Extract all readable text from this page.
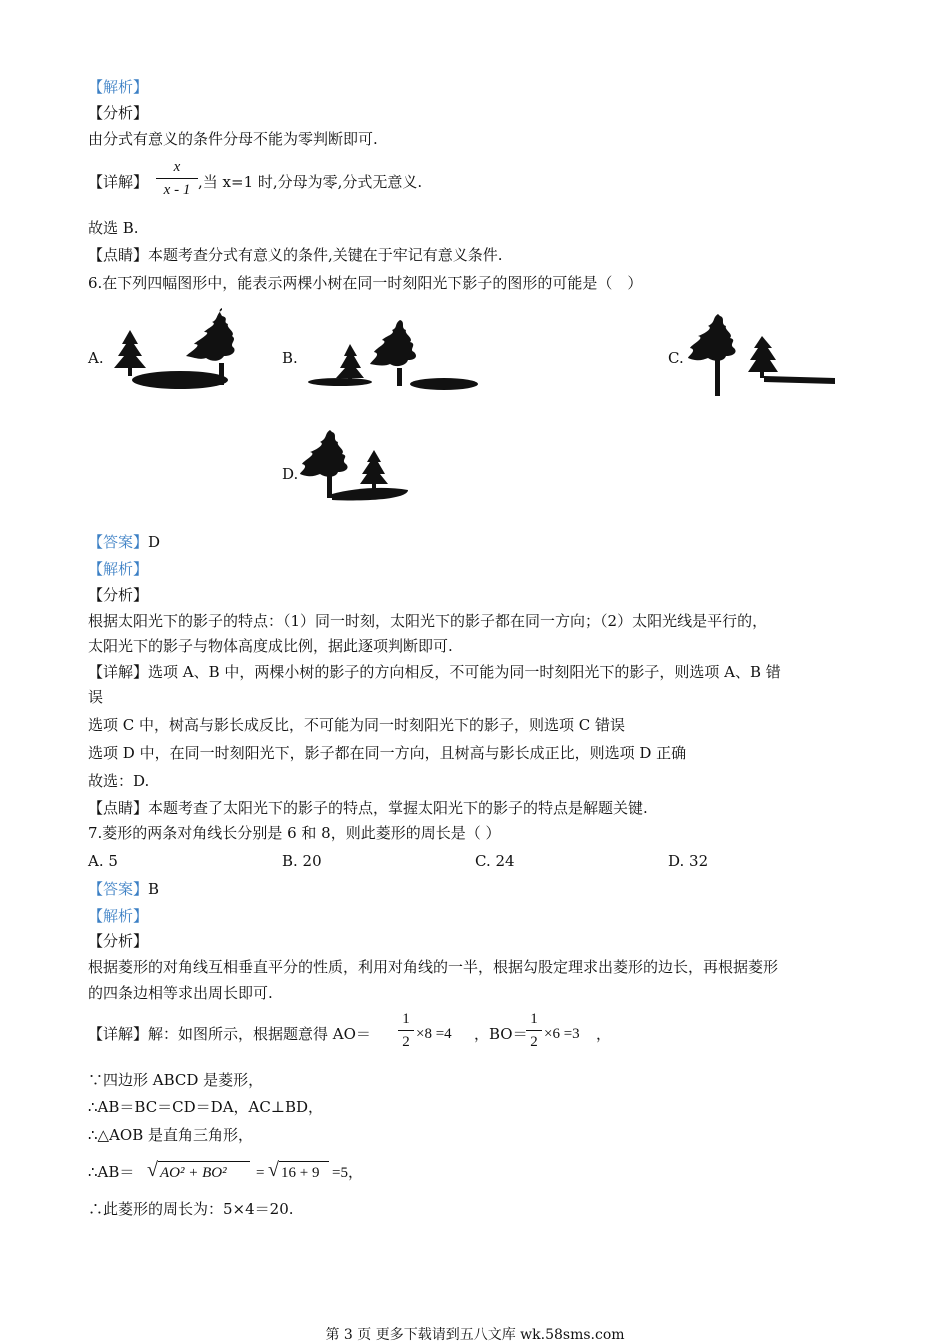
【解析】
【分析】
由分式有意义的条件分母不能为零判断即可.
【详解】
x
x - 1 ,当 x=1 时,分母为零,分式无意义.
故选 B.
【点睛】本题考查分式有意义的条件,关键在于牢记有意义条件.
6.在下列四幅图形中，能表示两棵小树在同一时刻阳光下影子的图形的可能是（　）
A.	B.	C.
D.
【答案】D
【解析】
【分析】
根据太阳光下的影子的特点：（1）同一时刻，太阳光下的影子都在同一方向；（2）太阳光线是平行的，
太阳光下的影子与物体高度成比例，据此逐项判断即可.
【详解】选项 A、B 中，两棵小树的影子的方向相反，不可能为同一时刻阳光下的影子，则选项 A、B 错
误
选项 C 中，树高与影长成反比，不可能为同一时刻阳光下的影子，则选项 C 错误
选项 D 中，在同一时刻阳光下，影子都在同一方向，且树高与影长成正比，则选项 D 正确
故选：D.
【点睛】本题考查了太阳光下的影子的特点，掌握太阳光下的影子的特点是解题关键.
7.菱形的两条对角线长分别是 6 和 8，则此菱形的周长是（ ）
A. 5	B. 20	C. 24	D. 32
【答案】B
【解析】
【分析】
根据菱形的对角线互相垂直平分的性质，利用对角线的一半，根据勾股定理求出菱形的边长，再根据菱形
的四条边相等求出周长即可.
【详解】解：如图所示，根据题意得 AO＝
1
2 ×8 =4 ，BO＝
1
2 ×6 =3 ，
∵四边形 ABCD 是菱形，
∴AB＝BC＝CD＝DA，AC⊥BD，
∴△AOB 是直角三角形，
∴AB＝ √ AO² + BO² = √ 16 + 9 =5，
∴此菱形的周长为：5×4＝20.
第 3 页 更多下载请到五八文库 wk.58sms.com
